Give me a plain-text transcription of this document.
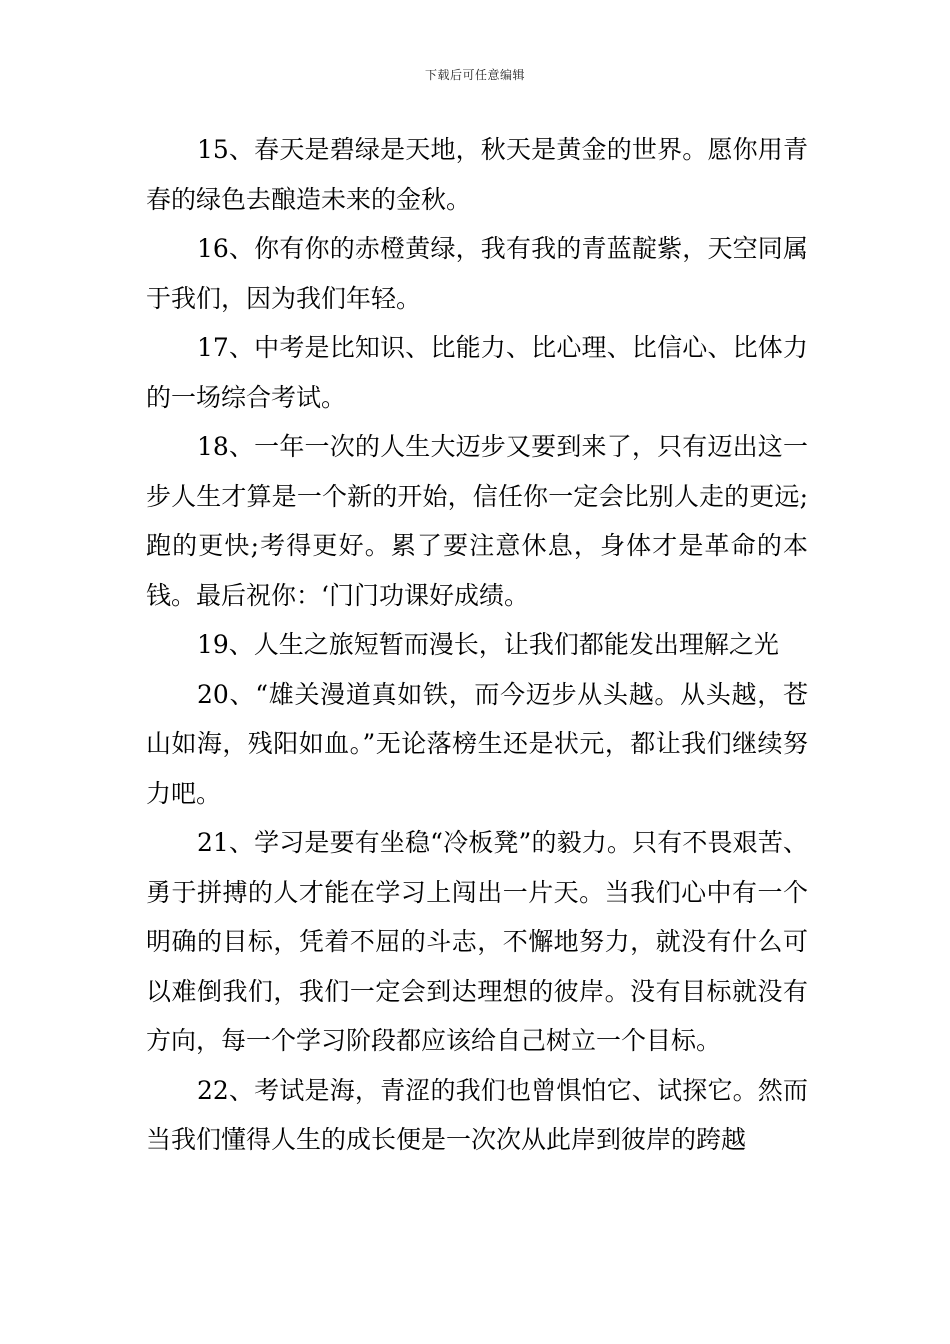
下载后可任意编辑

15、春天是碧绿是天地，秋天是黄金的世界。愿你用青春的绿色去酿造未来的金秋。

16、你有你的赤橙黄绿，我有我的青蓝靛紫，天空同属于我们，因为我们年轻。

17、中考是比知识、比能力、比心理、比信心、比体力的一场综合考试。

18、一年一次的人生大迈步又要到来了，只有迈出这一步人生才算是一个新的开始，信任你一定会比别人走的更远;跑的更快;考得更好。累了要注意休息，身体才是革命的本钱。最后祝你：‘门门功课好成绩。

19、人生之旅短暂而漫长，让我们都能发出理解之光

20、“雄关漫道真如铁，而今迈步从头越。从头越，苍山如海，残阳如血。”无论落榜生还是状元，都让我们继续努力吧。

21、学习是要有坐稳“冷板凳”的毅力。只有不畏艰苦、勇于拼搏的人才能在学习上闯出一片天。当我们心中有一个明确的目标，凭着不屈的斗志，不懈地努力，就没有什么可以难倒我们，我们一定会到达理想的彼岸。没有目标就没有方向，每一个学习阶段都应该给自己树立一个目标。

22、考试是海，青涩的我们也曾惧怕它、试探它。然而当我们懂得人生的成长便是一次次从此岸到彼岸的跨越
